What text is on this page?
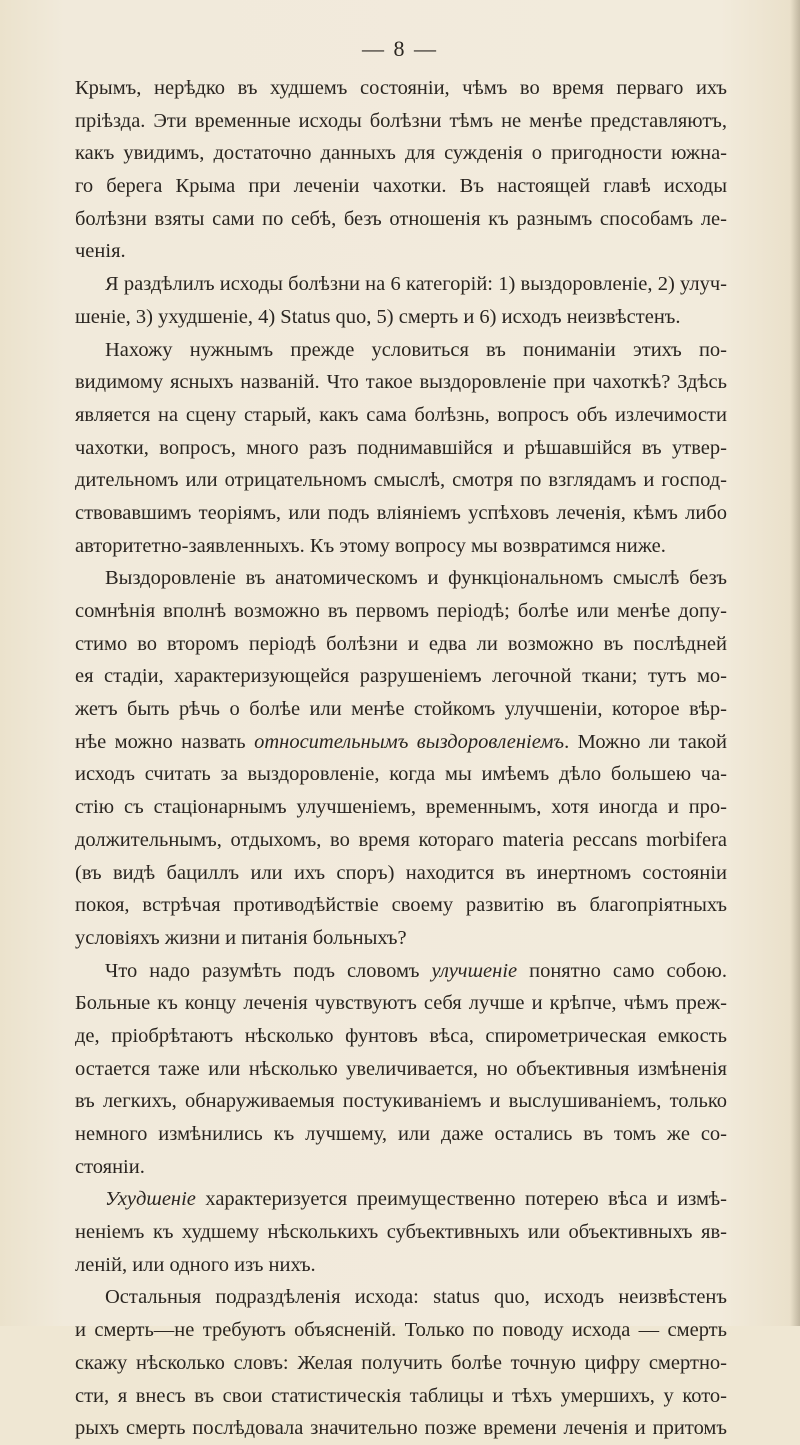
— 8 —

Крымъ, нерѣдко въ худшемъ состояніи, чѣмъ во время перваго ихъ
пріѣзда. Эти временные исходы болѣзни тѣмъ не менѣе представляютъ,
какъ увидимъ, достаточно данныхъ для сужденія о пригодности южна-
го берега Крыма при леченіи чахотки. Въ настоящей главѣ исходы
болѣзни взяты сами по себѣ, безъ отношенія къ разнымъ способамъ ле-
ченія.
Я раздѣлилъ исходы болѣзни на 6 категорій: 1) выздоровленіе, 2) улуч-
шеніе, 3) ухудшеніе, 4) Status quo, 5) смерть и 6) исходъ неизвѣстенъ.
Нахожу нужнымъ прежде условиться въ пониманіи этихъ по-
видимому ясныхъ названій. Что такое выздоровленіе при чахоткѣ? Здѣсь
является на сцену старый, какъ сама болѣзнь, вопросъ объ излечимости
чахотки, вопросъ, много разъ поднимавшійся и рѣшавшійся въ утвер-
дительномъ или отрицательномъ смыслѣ, смотря по взглядамъ и господ-
ствовавшимъ теоріямъ, или подъ вліяніемъ успѣховъ леченія, кѣмъ либо
авторитетно-заявленныхъ. Къ этому вопросу мы возвратимся ниже.
Выздоровленіе въ анатомическомъ и функціональномъ смыслѣ безъ
сомнѣнія вполнѣ возможно въ первомъ періодѣ; болѣе или менѣе допу-
стимо во второмъ періодѣ болѣзни и едва ли возможно въ послѣдней
ея стадіи, характеризующейся разрушеніемъ легочной ткани; тутъ мо-
жетъ быть рѣчь о болѣе или менѣе стойкомъ улучшеніи, которое вѣр-
нѣе можно назвать относительнымъ выздоровленіемъ. Можно ли такой
исходъ считать за выздоровленіе, когда мы имѣемъ дѣло большею ча-
стію съ стаціонарнымъ улучшеніемъ, временнымъ, хотя иногда и про-
должительнымъ, отдыхомъ, во время котораго materia peccans morbifera
(въ видѣ бациллъ или ихъ споръ) находится въ инертномъ состояніи
покоя, встрѣчая противодѣйствіе своему развитію въ благопріятныхъ
условіяхъ жизни и питанія больныхъ?
Что надо разумѣть подъ словомъ улучшеніе понятно само собою.
Больные къ концу леченія чувствуютъ себя лучше и крѣпче, чѣмъ преж-
де, пріобрѣтаютъ нѣсколько фунтовъ вѣса, спирометрическая емкость
остается таже или нѣсколько увеличивается, но объективныя измѣненія
въ легкихъ, обнаруживаемыя постукиваніемъ и выслушиваніемъ, только
немного измѣнились къ лучшему, или даже остались въ томъ же со-
стояніи.
Ухудшеніе характеризуется преимущественно потерею вѣса и измѣ-
неніемъ къ худшему нѣсколькихъ субъективныхъ или объективныхъ яв-
леній, или одного изъ нихъ.
Остальныя подраздѣленія исхода: status quo, исходъ неизвѣстенъ
и смерть—не требуютъ объясненій. Только по поводу исхода — смерть
скажу нѣсколько словъ: Желая получить болѣе точную цифру смертно-
сти, я внесъ въ свои статистическія таблицы и тѣхъ умершихъ, у кото-
рыхъ смерть послѣдовала значительно позже времени леченія и притомъ
